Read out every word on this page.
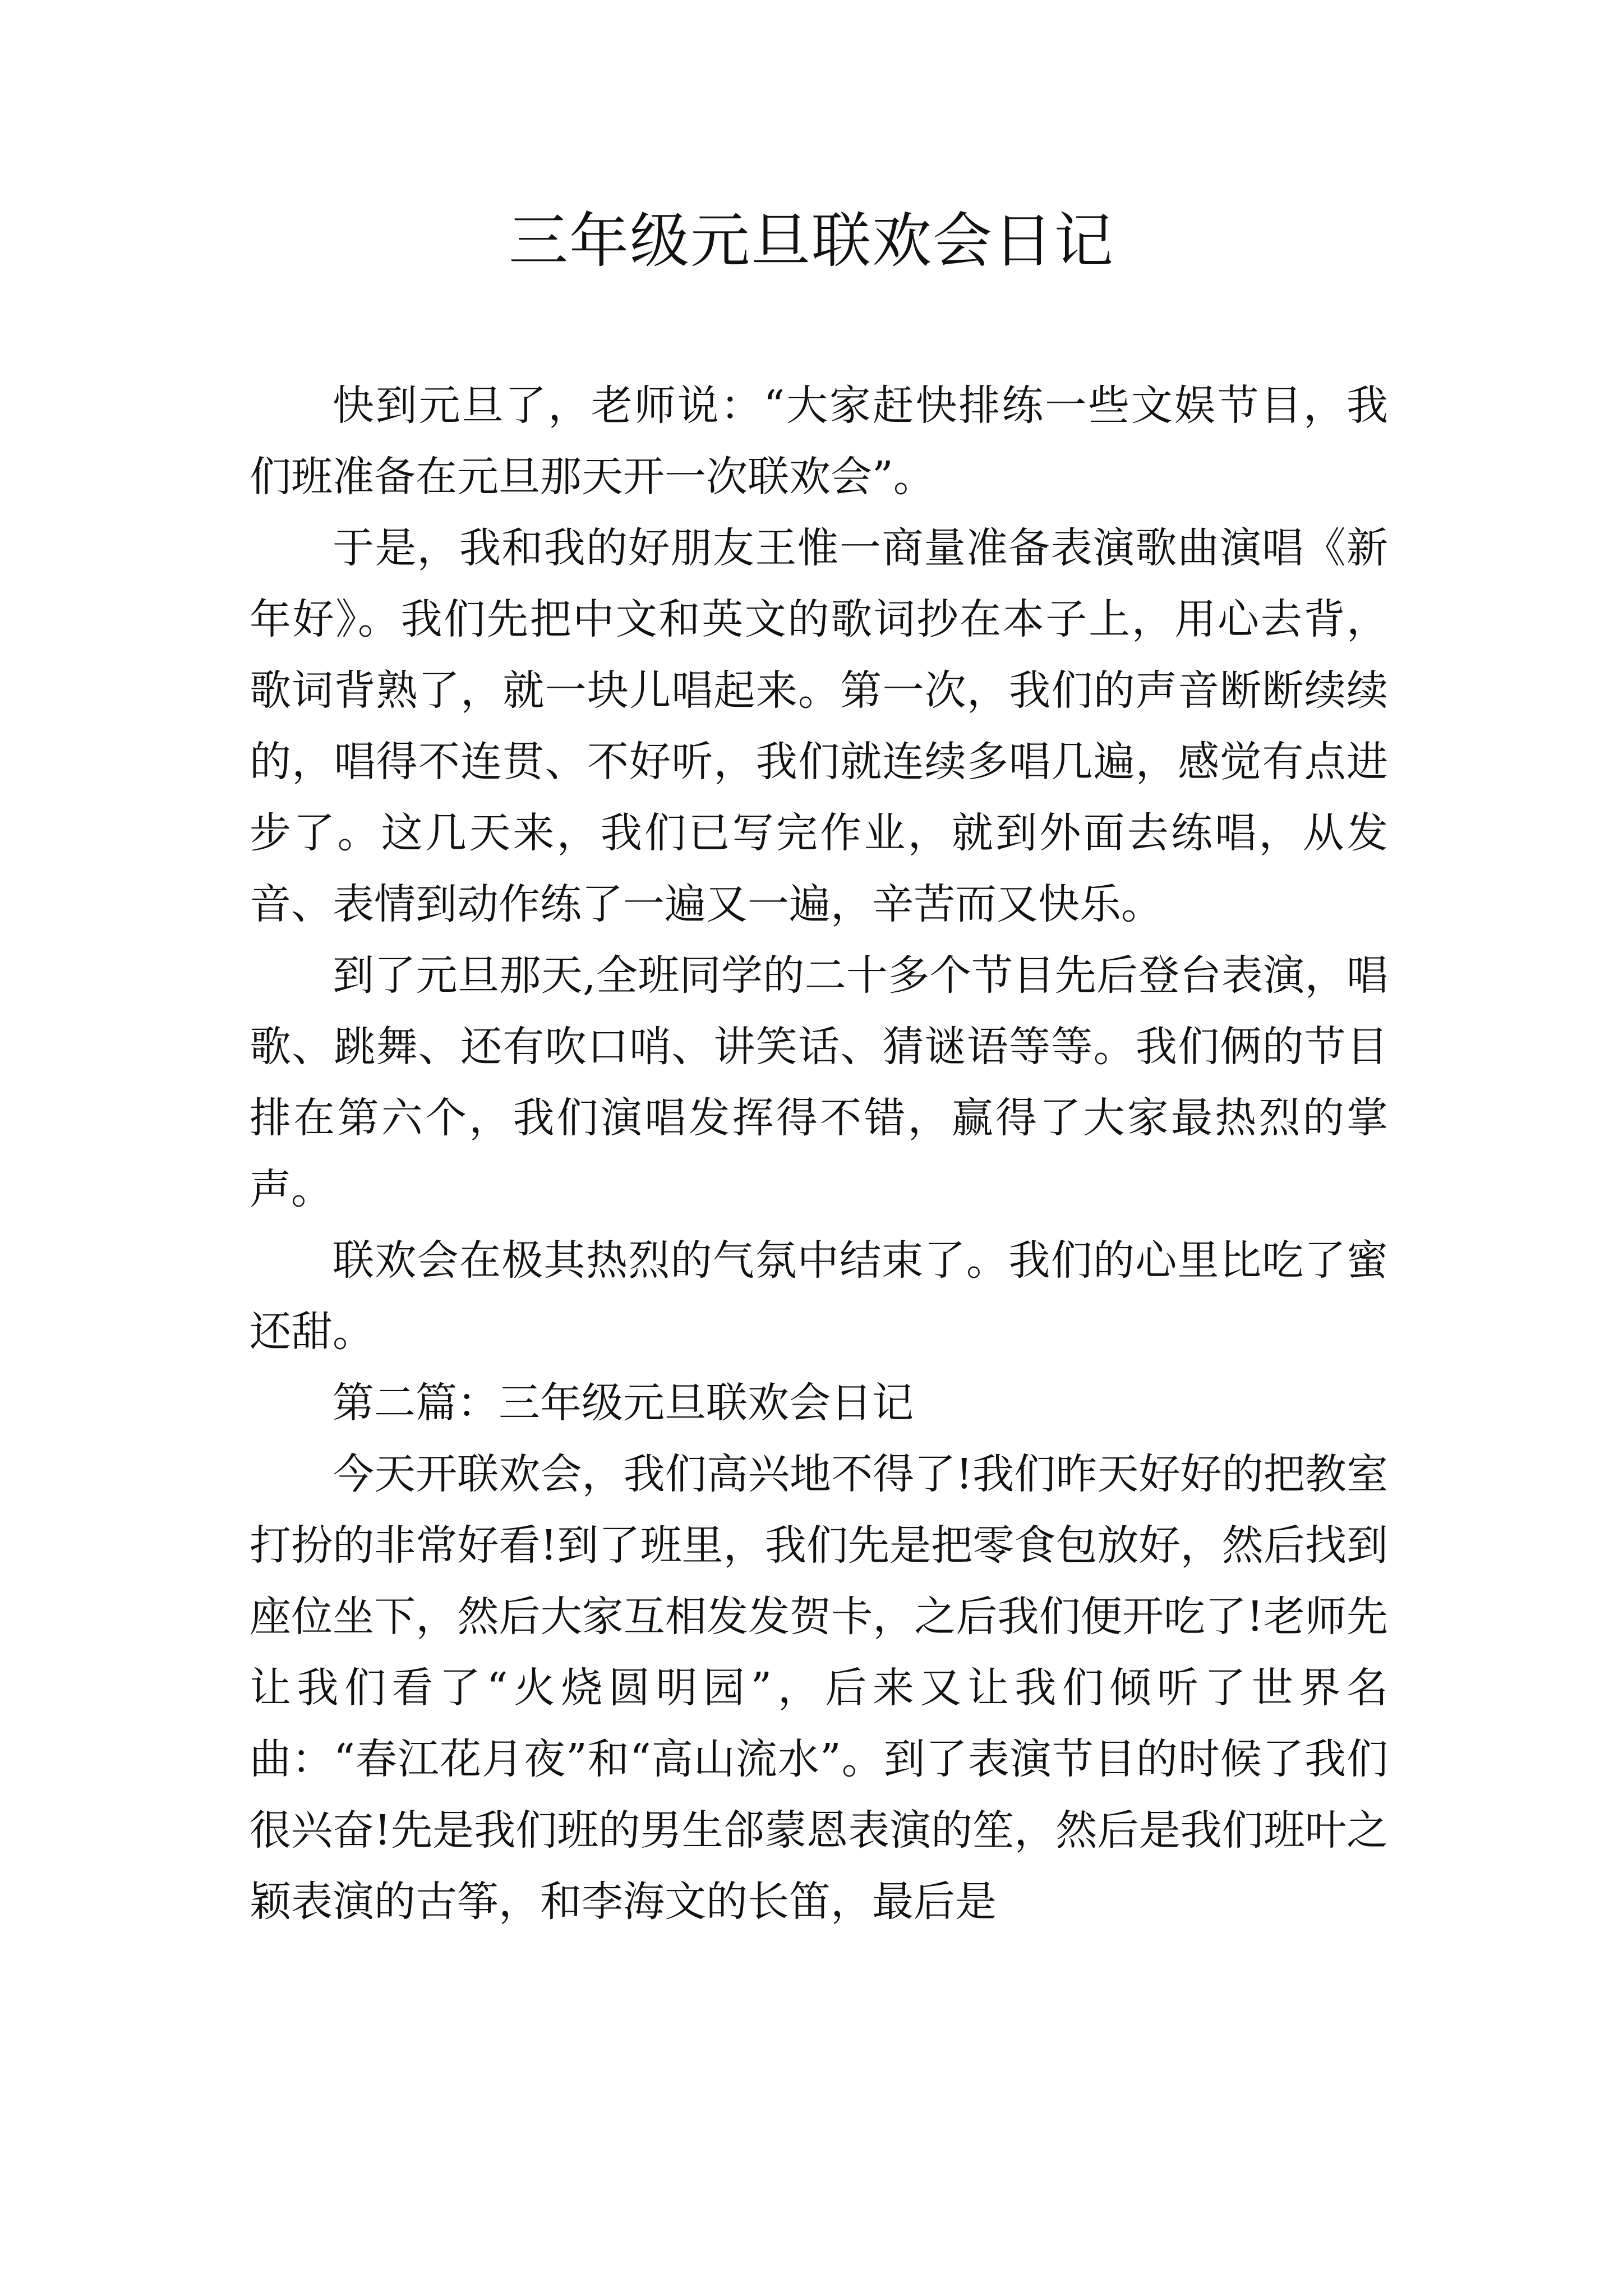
三年级元旦联欢会日记

快到元旦了，老师说：“大家赶快排练一些文娱节目，我们班准备在元旦那天开一次联欢会”。

于是，我和我的好朋友王惟一商量准备表演歌曲演唱《新年好》。我们先把中文和英文的歌词抄在本子上，用心去背，歌词背熟了，就一块儿唱起来。第一次，我们的声音断断续续的，唱得不连贯、不好听，我们就连续多唱几遍，感觉有点进步了。这几天来，我们已写完作业，就到外面去练唱，从发音、表情到动作练了一遍又一遍，辛苦而又快乐。

到了元旦那天,全班同学的二十多个节目先后登台表演，唱歌、跳舞、还有吹口哨、讲笑话、猜谜语等等。我们俩的节目排在第六个，我们演唱发挥得不错，赢得了大家最热烈的掌声。

联欢会在极其热烈的气氛中结束了。我们的心里比吃了蜜还甜。

第二篇：三年级元旦联欢会日记

今天开联欢会，我们高兴地不得了!我们昨天好好的把教室打扮的非常好看!到了班里，我们先是把零食包放好，然后找到座位坐下，然后大家互相发发贺卡，之后我们便开吃了!老师先让我们看了“火烧圆明园”，后来又让我们倾听了世界名曲：“春江花月夜”和“高山流水”。到了表演节目的时候了我们很兴奋!先是我们班的男生郃蒙恩表演的笙，然后是我们班叶之颖表演的古筝，和李海文的长笛，最后是
